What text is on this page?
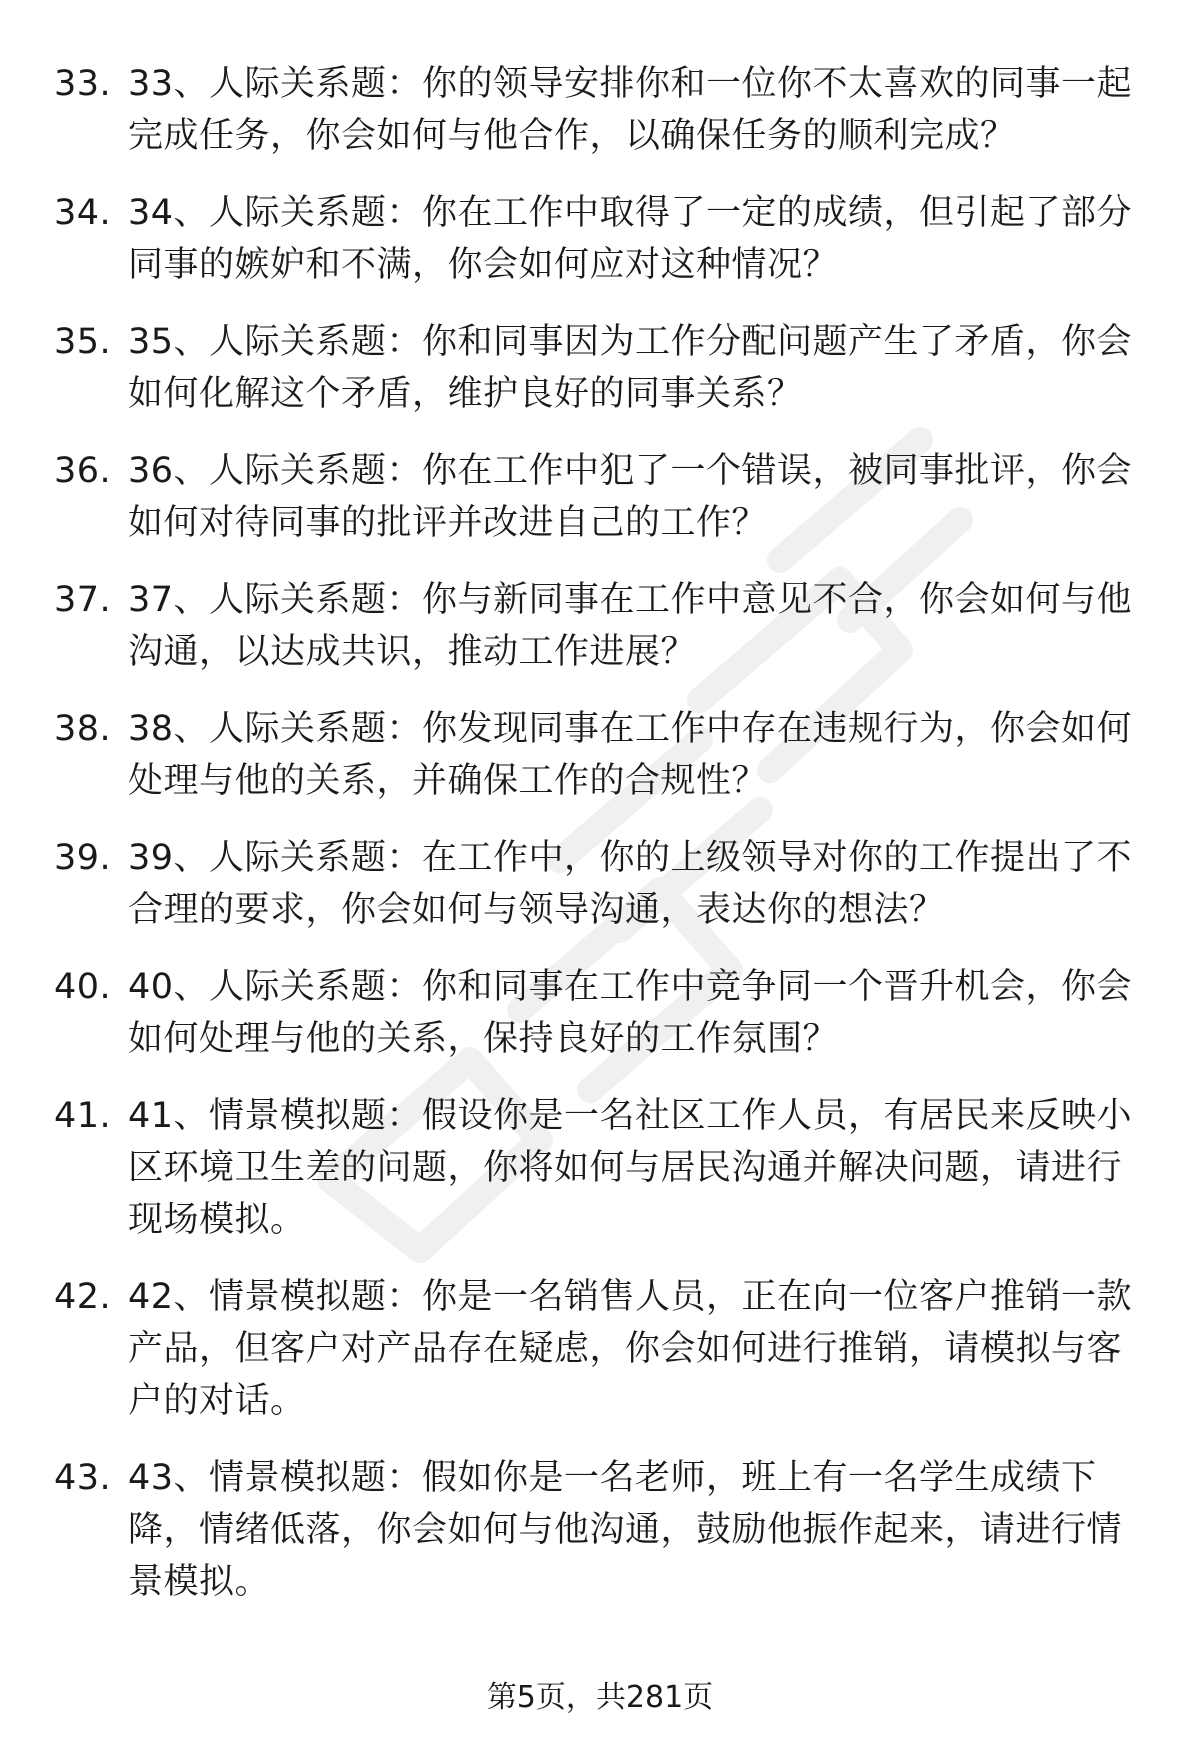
33. 33、人际关系题：你的领导安排你和一位你不太喜欢的同事一起完成任务，你会如何与他合作，以确保任务的顺利完成？
34. 34、人际关系题：你在工作中取得了一定的成绩，但引起了部分同事的嫉妒和不满，你会如何应对这种情况？
35. 35、人际关系题：你和同事因为工作分配问题产生了矛盾，你会如何化解这个矛盾，维护良好的同事关系？
36. 36、人际关系题：你在工作中犯了一个错误，被同事批评，你会如何对待同事的批评并改进自己的工作？
37. 37、人际关系题：你与新同事在工作中意见不合，你会如何与他沟通，以达成共识，推动工作进展？
38. 38、人际关系题：你发现同事在工作中存在违规行为，你会如何处理与他的关系，并确保工作的合规性？
39. 39、人际关系题：在工作中，你的上级领导对你的工作提出了不合理的要求，你会如何与领导沟通，表达你的想法？
40. 40、人际关系题：你和同事在工作中竞争同一个晋升机会，你会如何处理与他的关系，保持良好的工作氛围？
41. 41、情景模拟题：假设你是一名社区工作人员，有居民来反映小区环境卫生差的问题，你将如何与居民沟通并解决问题，请进行现场模拟。
42. 42、情景模拟题：你是一名销售人员，正在向一位客户推销一款产品，但客户对产品存在疑虑，你会如何进行推销，请模拟与客户的对话。
43. 43、情景模拟题：假如你是一名老师，班上有一名学生成绩下降，情绪低落，你会如何与他沟通，鼓励他振作起来，请进行情景模拟。
第5页，共281页
